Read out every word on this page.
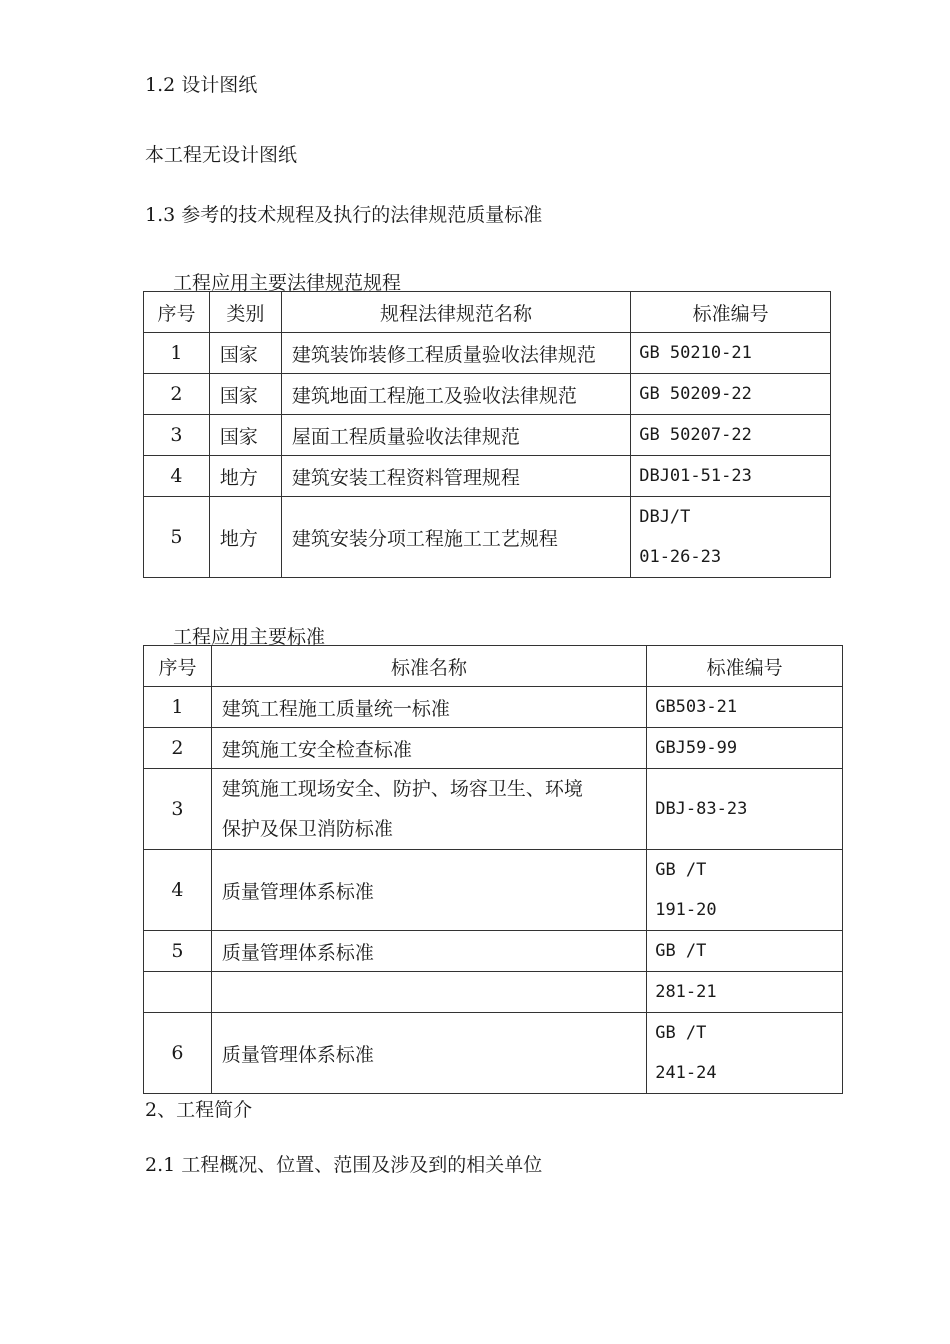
1.2 设计图纸
本工程无设计图纸
1.3 参考的技术规程及执行的法律规范质量标准
工程应用主要法律规范规程
序号	类别	规程法律规范名称	标准编号
1	国家	建筑装饰装修工程质量验收法律规范	GB 50210-21
2	国家	建筑地面工程施工及验收法律规范	GB 50209-22
3	国家	屋面工程质量验收法律规范	GB 50207-22
4	地方	建筑安装工程资料管理规程	DBJ01-51-23
5	地方	建筑安装分项工程施工工艺规程	DBJ/T
01-26-23
工程应用主要标准
序号	标准名称	标准编号
1	建筑工程施工质量统一标准	GB503-21
2	建筑施工安全检查标准	GBJ59-99
3	建筑施工现场安全、防护、场容卫生、环境
保护及保卫消防标准	DBJ-83-23
4	质量管理体系标准	GB /T
191-20

5	质量管理体系标准	GB /T
		281-21
6	质量管理体系标准	GB /T
241-24
2、工程简介
2.1 工程概况、位置、范围及涉及到的相关单位
